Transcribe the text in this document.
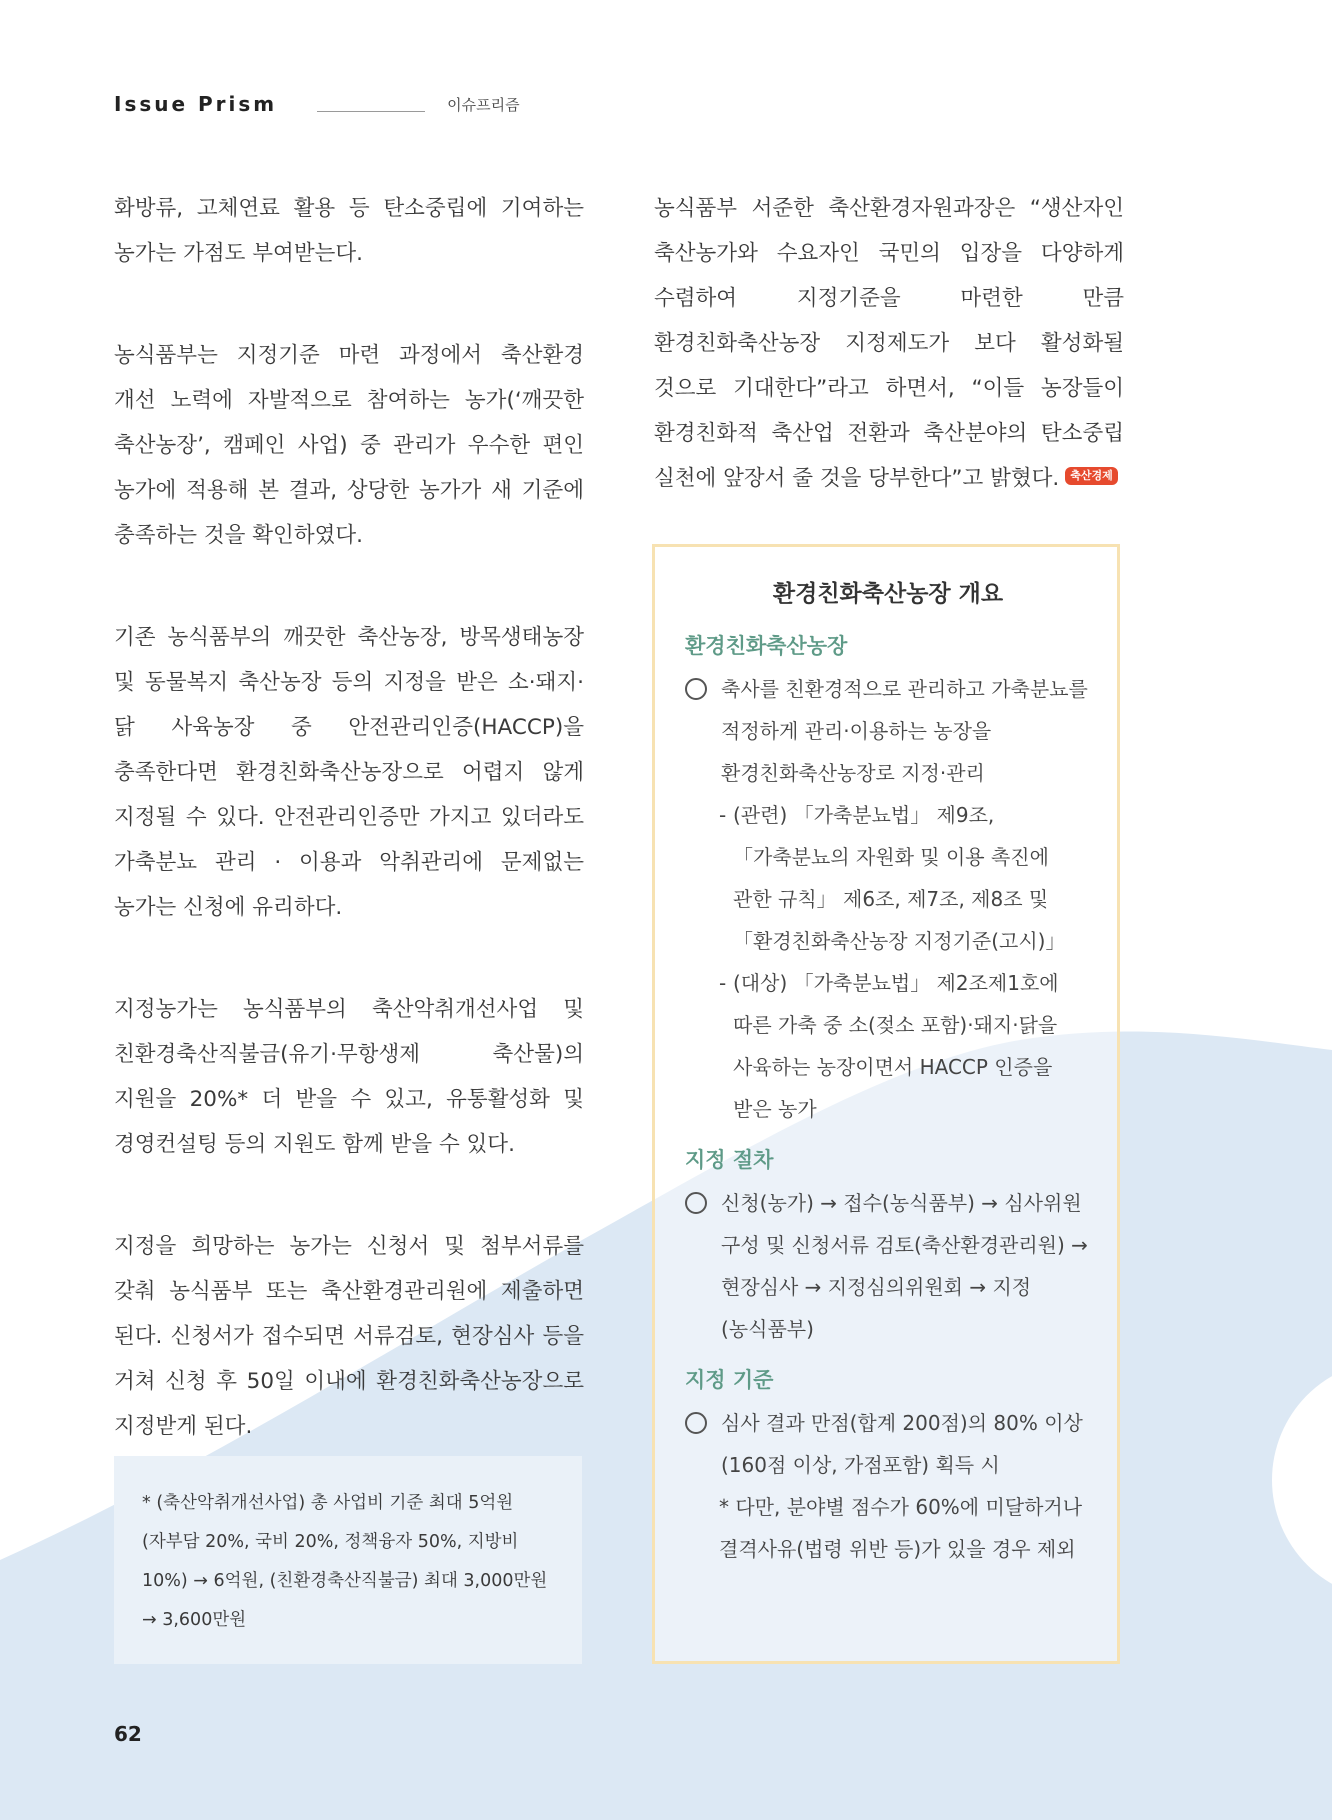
Issue Prism	이슈프리즘

화방류, 고체연료 활용 등 탄소중립에 기여하는 농가는 가점도 부여받는다.

농식품부는 지정기준 마련 과정에서 축산환경 개선 노력에 자발적으로 참여하는 농가(‘깨끗한 축산농장’, 캠페인 사업) 중 관리가 우수한 편인 농가에 적용해 본 결과, 상당한 농가가 새 기준에 충족하는 것을 확인하였다.

기존 농식품부의 깨끗한 축산농장, 방목생태농장 및 동물복지 축산농장 등의 지정을 받은 소·돼지·닭 사육농장 중 안전관리인증(HACCP)을 충족한다면 환경친화축산농장으로 어렵지 않게 지정될 수 있다. 안전관리인증만 가지고 있더라도 가축분뇨 관리 · 이용과 악취관리에 문제없는 농가는 신청에 유리하다.

지정농가는 농식품부의 축산악취개선사업 및 친환경축산직불금(유기·무항생제 축산물)의 지원을 20%* 더 받을 수 있고, 유통활성화 및 경영컨설팅 등의 지원도 함께 받을 수 있다.

지정을 희망하는 농가는 신청서 및 첨부서류를 갖춰 농식품부 또는 축산환경관리원에 제출하면 된다. 신청서가 접수되면 서류검토, 현장심사 등을 거쳐 신청 후 50일 이내에 환경친화축산농장으로 지정받게 된다.

* (축산악취개선사업) 총 사업비 기준 최대 5억원(자부담 20%, 국비 20%, 정책융자 50%, 지방비 10%) → 6억원, (친환경축산직불금) 최대 3,000만원 → 3,600만원

농식품부 서준한 축산환경자원과장은 “생산자인 축산농가와 수요자인 국민의 입장을 다양하게 수렴하여 지정기준을 마련한 만큼 환경친화축산농장 지정제도가 보다 활성화될 것으로 기대한다”라고 하면서, “이들 농장들이 환경친화적 축산업 전환과 축산분야의 탄소중립 실천에 앞장서 줄 것을 당부한다”고 밝혔다. 축산경제

환경친화축산농장 개요
환경친화축산농장
축사를 친환경적으로 관리하고 가축분뇨를 적정하게 관리·이용하는 농장을 환경친화축산농장로 지정·관리
- (관련) 「가축분뇨법」 제9조, 「가축분뇨의 자원화 및 이용 촉진에 관한 규칙」 제6조, 제7조, 제8조 및 「환경친화축산농장 지정기준(고시)」
- (대상) 「가축분뇨법」 제2조제1호에 따른 가축 중 소(젖소 포함)·돼지·닭을 사육하는 농장이면서 HACCP 인증을 받은 농가
지정 절차
신청(농가) → 접수(농식품부) → 심사위원 구성 및 신청서류 검토(축산환경관리원) → 현장심사 → 지정심의위원회 → 지정(농식품부)
지정 기준
심사 결과 만점(합계 200점)의 80% 이상(160점 이상, 가점포함) 획득 시
* 다만, 분야별 점수가 60%에 미달하거나 결격사유(법령 위반 등)가 있을 경우 제외
62
